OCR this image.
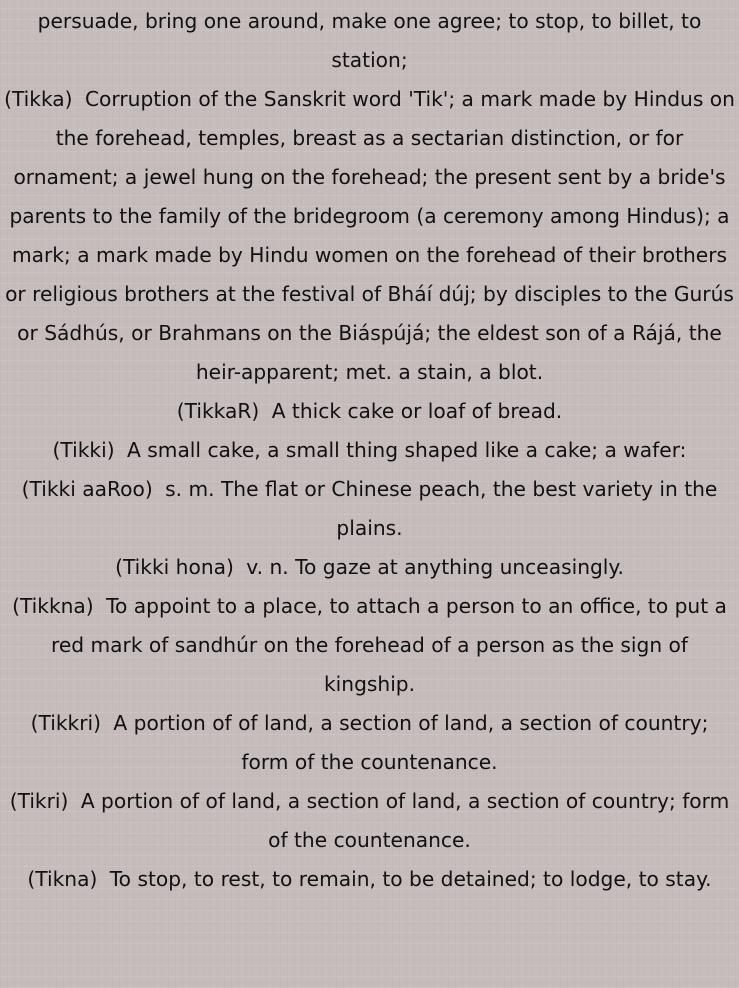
persuade, bring one around, make one agree; to stop, to billet, to station;

(Tikka) Corruption of the Sanskrit word 'Tik'; a mark made by Hindus on the forehead, temples, breast as a sectarian distinction, or for ornament; a jewel hung on the forehead; the present sent by a bride's parents to the family of the bridegroom (a ceremony among Hindus); a mark; a mark made by Hindu women on the forehead of their brothers or religious brothers at the festival of Bháí dúj; by disciples to the Gurús or Sádhús, or Brahmans on the Biáspújá; the eldest son of a Rájá, the heir-apparent; met. a stain, a blot.

(TikkaR) A thick cake or loaf of bread.

(Tikki) A small cake, a small thing shaped like a cake; a wafer:

(Tikki aaRoo) s. m. The flat or Chinese peach, the best variety in the plains.

(Tikki hona) v. n. To gaze at anything unceasingly.

(Tikkna) To appoint to a place, to attach a person to an office, to put a red mark of sandhúr on the forehead of a person as the sign of kingship.

(Tikkri) A portion of of land, a section of land, a section of country; form of the countenance.

(Tikri) A portion of of land, a section of land, a section of country; form of the countenance.

(Tikna) To stop, to rest, to remain, to be detained; to lodge, to stay.
